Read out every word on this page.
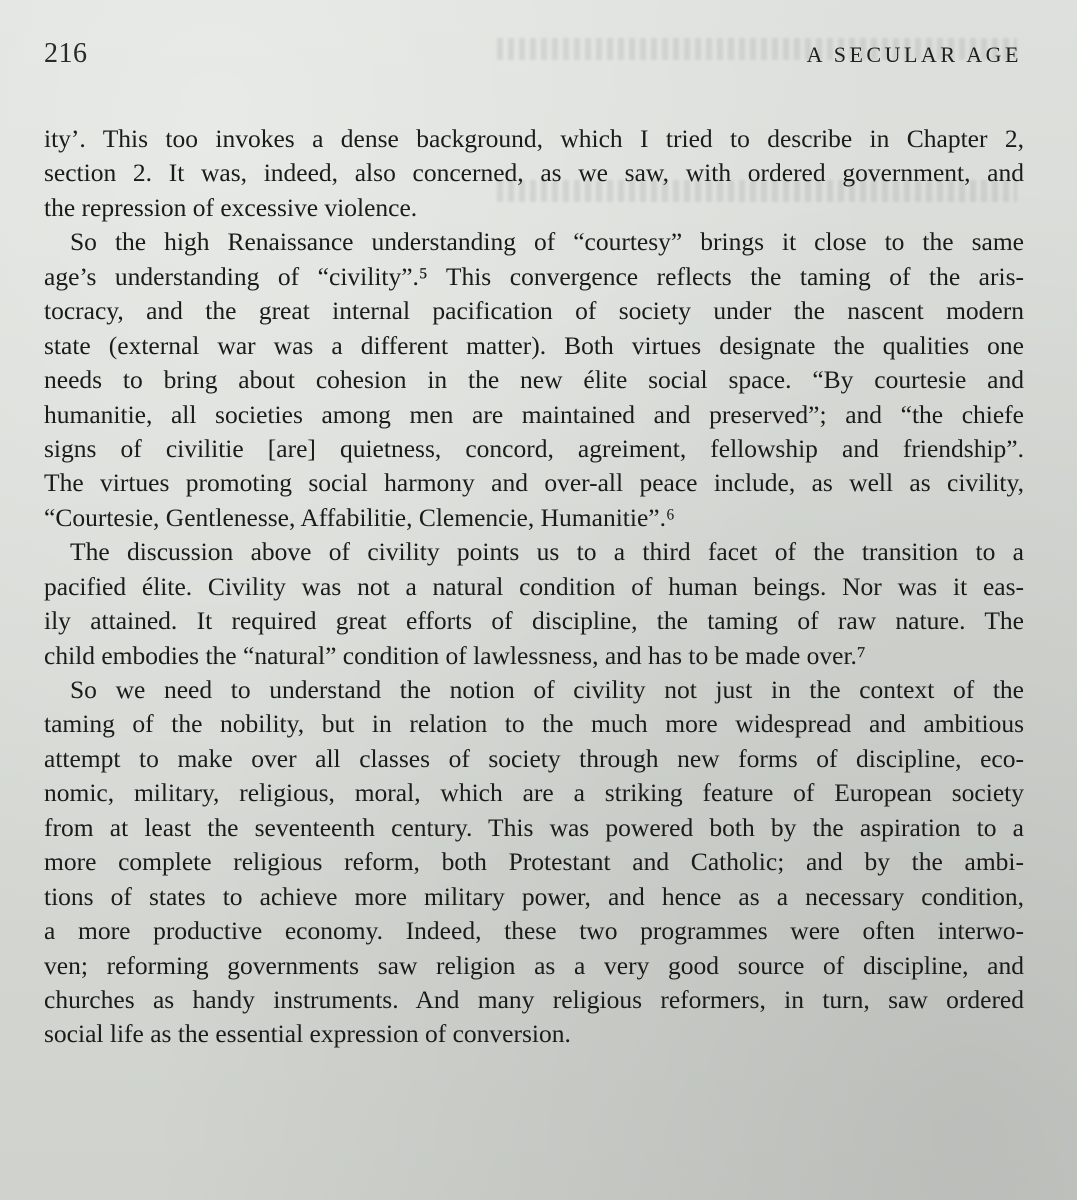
216	A SECULAR AGE
ity’. This too invokes a dense background, which I tried to describe in Chapter 2,
section 2. It was, indeed, also concerned, as we saw, with ordered government, and
the repression of excessive violence.
So the high Renaissance understanding of “courtesy” brings it close to the same
age’s understanding of “civility”.⁵ This convergence reflects the taming of the aris-
tocracy, and the great internal pacification of society under the nascent modern
state (external war was a different matter). Both virtues designate the qualities one
needs to bring about cohesion in the new élite social space. “By courtesie and
humanitie, all societies among men are maintained and preserved”; and “the chiefe
signs of civilitie [are] quietness, concord, agreiment, fellowship and friendship”.
The virtues promoting social harmony and over-all peace include, as well as civility,
“Courtesie, Gentlenesse, Affabilitie, Clemencie, Humanitie”.⁶
The discussion above of civility points us to a third facet of the transition to a
pacified élite. Civility was not a natural condition of human beings. Nor was it eas-
ily attained. It required great efforts of discipline, the taming of raw nature. The
child embodies the “natural” condition of lawlessness, and has to be made over.⁷
So we need to understand the notion of civility not just in the context of the
taming of the nobility, but in relation to the much more widespread and ambitious
attempt to make over all classes of society through new forms of discipline, eco-
nomic, military, religious, moral, which are a striking feature of European society
from at least the seventeenth century. This was powered both by the aspiration to a
more complete religious reform, both Protestant and Catholic; and by the ambi-
tions of states to achieve more military power, and hence as a necessary condition,
a more productive economy. Indeed, these two programmes were often interwo-
ven; reforming governments saw religion as a very good source of discipline, and
churches as handy instruments. And many religious reformers, in turn, saw ordered
social life as the essential expression of conversion.
